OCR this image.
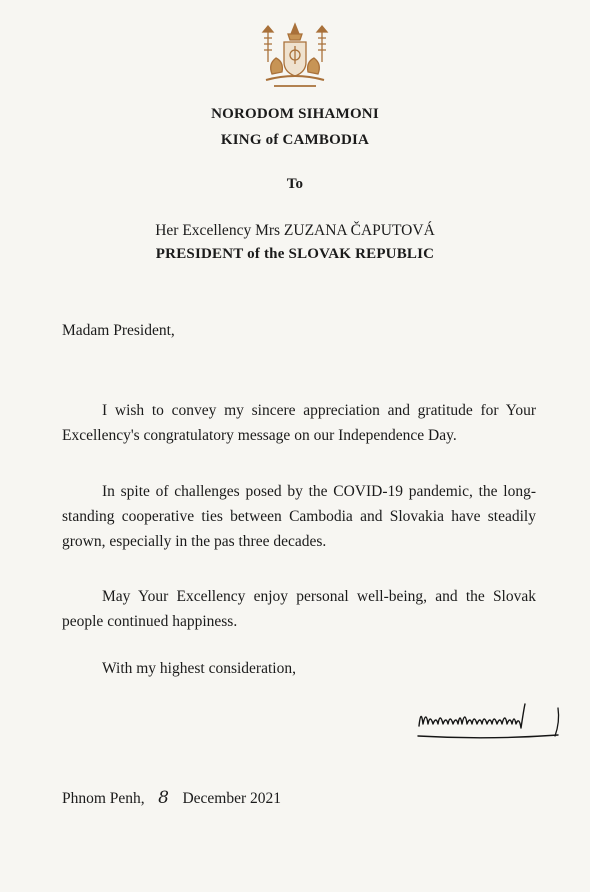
NORODOM SIHAMONI
KING of CAMBODIA
To
Her Excellency Mrs ZUZANA ČAPUTOVÁ
PRESIDENT of the SLOVAK REPUBLIC
Madam President,
I wish to convey my sincere appreciation and gratitude for Your Excellency's congratulatory message on our Independence Day.
In spite of challenges posed by the COVID-19 pandemic, the long-standing cooperative ties between Cambodia and Slovakia have steadily grown, especially in the pas three decades.
May Your Excellency enjoy personal well-being, and the Slovak people continued happiness.
With my highest consideration,
Phnom Penh, 8 December 2021
